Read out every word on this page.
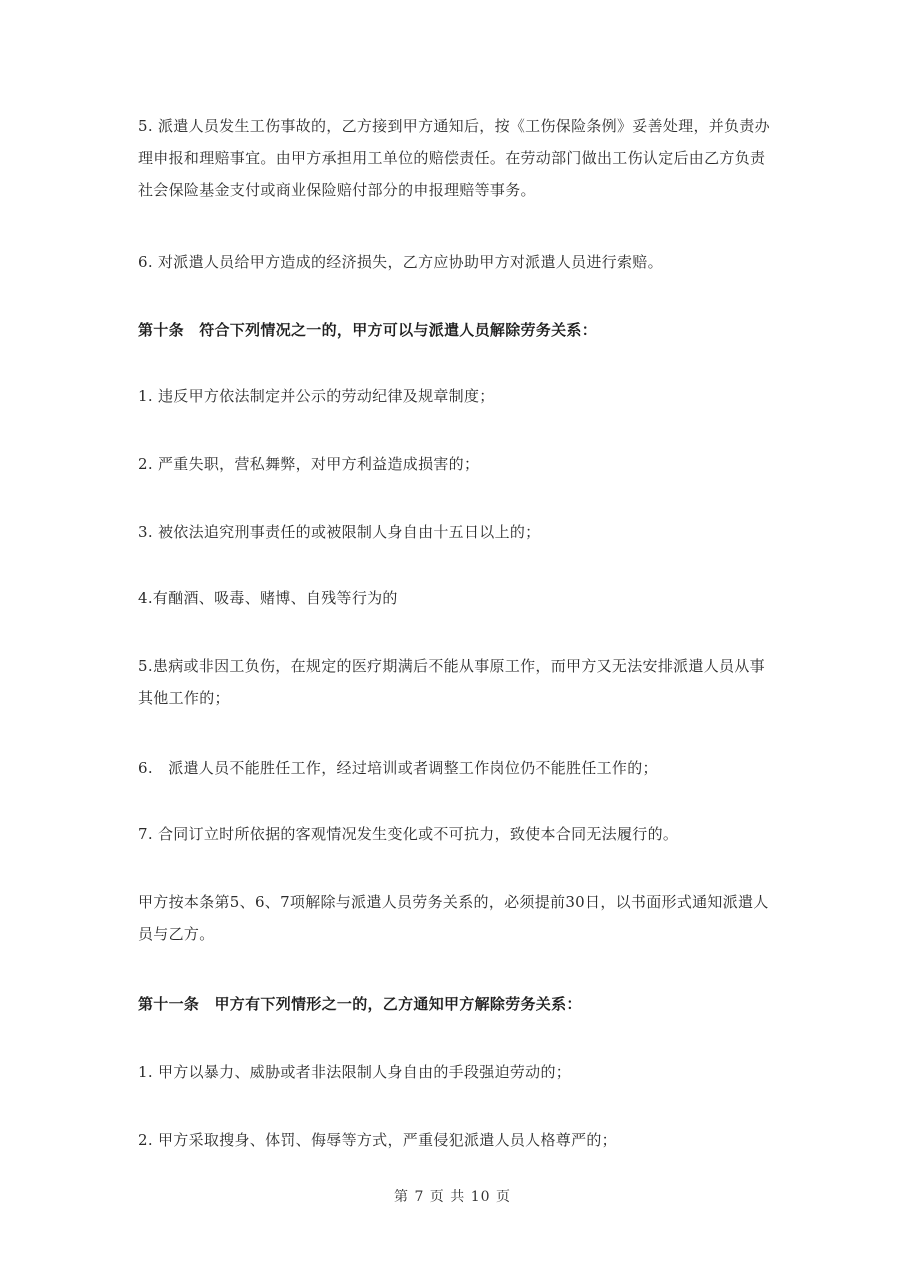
5. 派遣人员发生工伤事故的，乙方接到甲方通知后，按《工伤保险条例》妥善处理，并负责办理申报和理赔事宜。由甲方承担用工单位的赔偿责任。在劳动部门做出工伤认定后由乙方负责社会保险基金支付或商业保险赔付部分的申报理赔等事务。

6. 对派遣人员给甲方造成的经济损失，乙方应协助甲方对派遣人员进行索赔。

第十条　符合下列情况之一的，甲方可以与派遣人员解除劳务关系：

1. 违反甲方依法制定并公示的劳动纪律及规章制度；

2. 严重失职，营私舞弊，对甲方利益造成损害的；

3. 被依法追究刑事责任的或被限制人身自由十五日以上的；

4.有酗酒、吸毒、赌博、自残等行为的

5.患病或非因工负伤，在规定的医疗期满后不能从事原工作，而甲方又无法安排派遣人员从事其他工作的；

6.　派遣人员不能胜任工作，经过培训或者调整工作岗位仍不能胜任工作的；

7. 合同订立时所依据的客观情况发生变化或不可抗力，致使本合同无法履行的。

甲方按本条第5、6、7项解除与派遣人员劳务关系的，必须提前30日，以书面形式通知派遣人员与乙方。

第十一条　甲方有下列情形之一的，乙方通知甲方解除劳务关系：

1. 甲方以暴力、威胁或者非法限制人身自由的手段强迫劳动的；

2. 甲方采取搜身、体罚、侮辱等方式，严重侵犯派遣人员人格尊严的；

第 7 页 共 10 页
